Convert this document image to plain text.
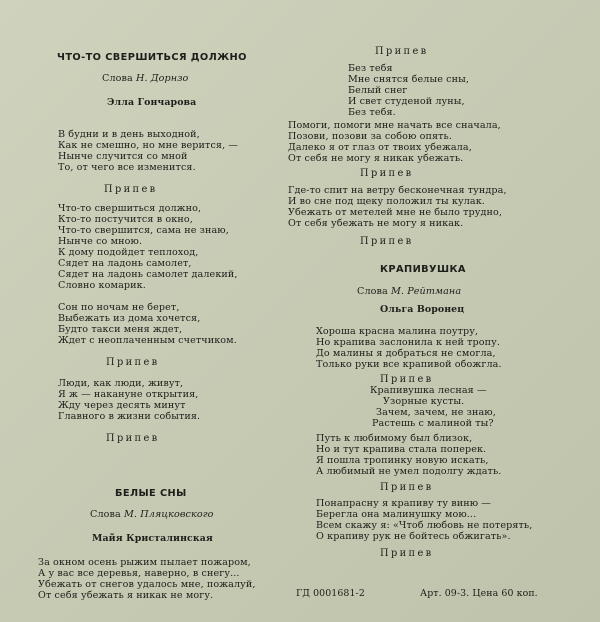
ЧТО-ТО СВЕРШИТЬСЯ ДОЛЖНО
Слова Н. Дорнзо
Элла Гончарова
В будни и в день выходной,
Как не смешно, но мне верится, —
Нынче случится со мной
То, от чего все изменится.
Припев
Что-то свершиться должно,
Кто-то постучится в окно,
Что-то свершится, сама не знаю,
Нынче со мною.
К дому подойдет теплоход,
Сядет на ладонь самолет,
Сядет на ладонь самолет далекий,
Словно комарик.
Сон по ночам не берет,
Выбежать из дома хочется,
Будто такси меня ждет,
Ждет с неоплаченным счетчиком.
Припев
Люди, как люди, живут,
Я ж — накануне открытия,
Жду через десять минут
Главного в жизни события.
Припев
БЕЛЫЕ СНЫ
Слова М. Пляцковского
Майя Кристалинская
За окном осень рыжим пылает пожаром,
А у вас все деревья, наверно, в снегу...
Убежать от снегов удалось мне, пожалуй,
От себя убежать я никак не могу.
Припев
Без тебя
Мне снятся белые сны,
Белый снег
И свет студеной луны,
Без тебя.
Помоги, помоги мне начать все сначала,
Позови, позови за собою опять.
Далеко я от глаз от твоих убежала,
От себя не могу я никак убежать.
Припев
Где-то спит на ветру бесконечная тундра,
И во сне под щеку положил ты кулак.
Убежать от метелей мне не было трудно,
От себя убежать не могу я никак.
Припев
КРАПИВУШКА
Слова М. Рейтмана
Ольга Воронец
Хороша красна малина поутру,
Но крапива заслонила к ней тропу.
До малины я добраться не смогла,
Только руки все крапивой обожгла.
Припев
Крапивушка лесная —
Узорные кусты.
Зачем, зачем, не знаю,
Растешь с малиной ты?
Путь к любимому был близок,
Но и тут крапива стала поперек.
Я пошла тропинку новую искать,
А любимый не умел подолгу ждать.
Припев
Понапрасну я крапиву ту виню —
Берегла она малинушку мою...
Всем скажу я: «Чтоб любовь не потерять,
О крапиву рук не бойтесь обжигать».
Припев
ГД 0001681-2	Арт. 09-3. Цена 60 коп.
